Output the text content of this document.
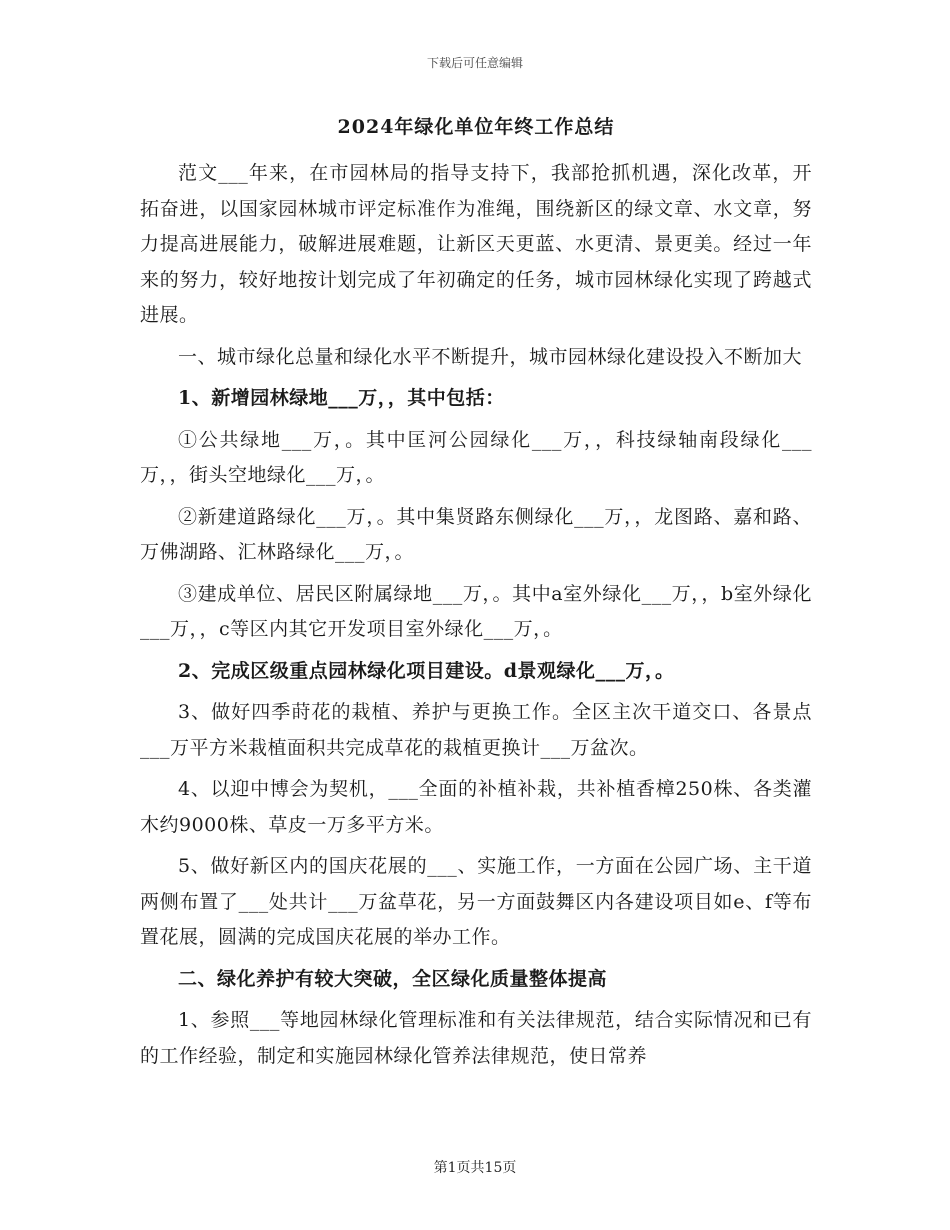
下载后可任意编辑
2024年绿化单位年终工作总结

范文___年来，在市园林局的指导支持下，我部抢抓机遇，深化改革，开拓奋进，以国家园林城市评定标准作为准绳，围绕新区的绿文章、水文章，努力提高进展能力，破解进展难题，让新区天更蓝、水更清、景更美。经过一年来的努力，较好地按计划完成了年初确定的任务，城市园林绿化实现了跨越式进展。

一、城市绿化总量和绿化水平不断提升，城市园林绿化建设投入不断加大

1、新增园林绿地___万，，其中包括：

①公共绿地___万，。其中匡河公园绿化___万，，科技绿轴南段绿化___万，，街头空地绿化___万，。

②新建道路绿化___万，。其中集贤路东侧绿化___万，，龙图路、嘉和路、万佛湖路、汇林路绿化___万，。

③建成单位、居民区附属绿地___万，。其中a室外绿化___万，，b室外绿化___万，，c等区内其它开发项目室外绿化___万，。

2、完成区级重点园林绿化项目建设。d景观绿化___万，。

3、做好四季莳花的栽植、养护与更换工作。全区主次干道交口、各景点___万平方米栽植面积共完成草花的栽植更换计___万盆次。

4、以迎中博会为契机，___全面的补植补栽，共补植香樟250株、各类灌木约9000株、草皮一万多平方米。

5、做好新区内的国庆花展的___、实施工作，一方面在公园广场、主干道两侧布置了___处共计___万盆草花，另一方面鼓舞区内各建设项目如e、f等布置花展，圆满的完成国庆花展的举办工作。

二、绿化养护有较大突破，全区绿化质量整体提高

1、参照___等地园林绿化管理标准和有关法律规范，结合实际情况和已有的工作经验，制定和实施园林绿化管养法律规范，使日常养

第1页共15页
